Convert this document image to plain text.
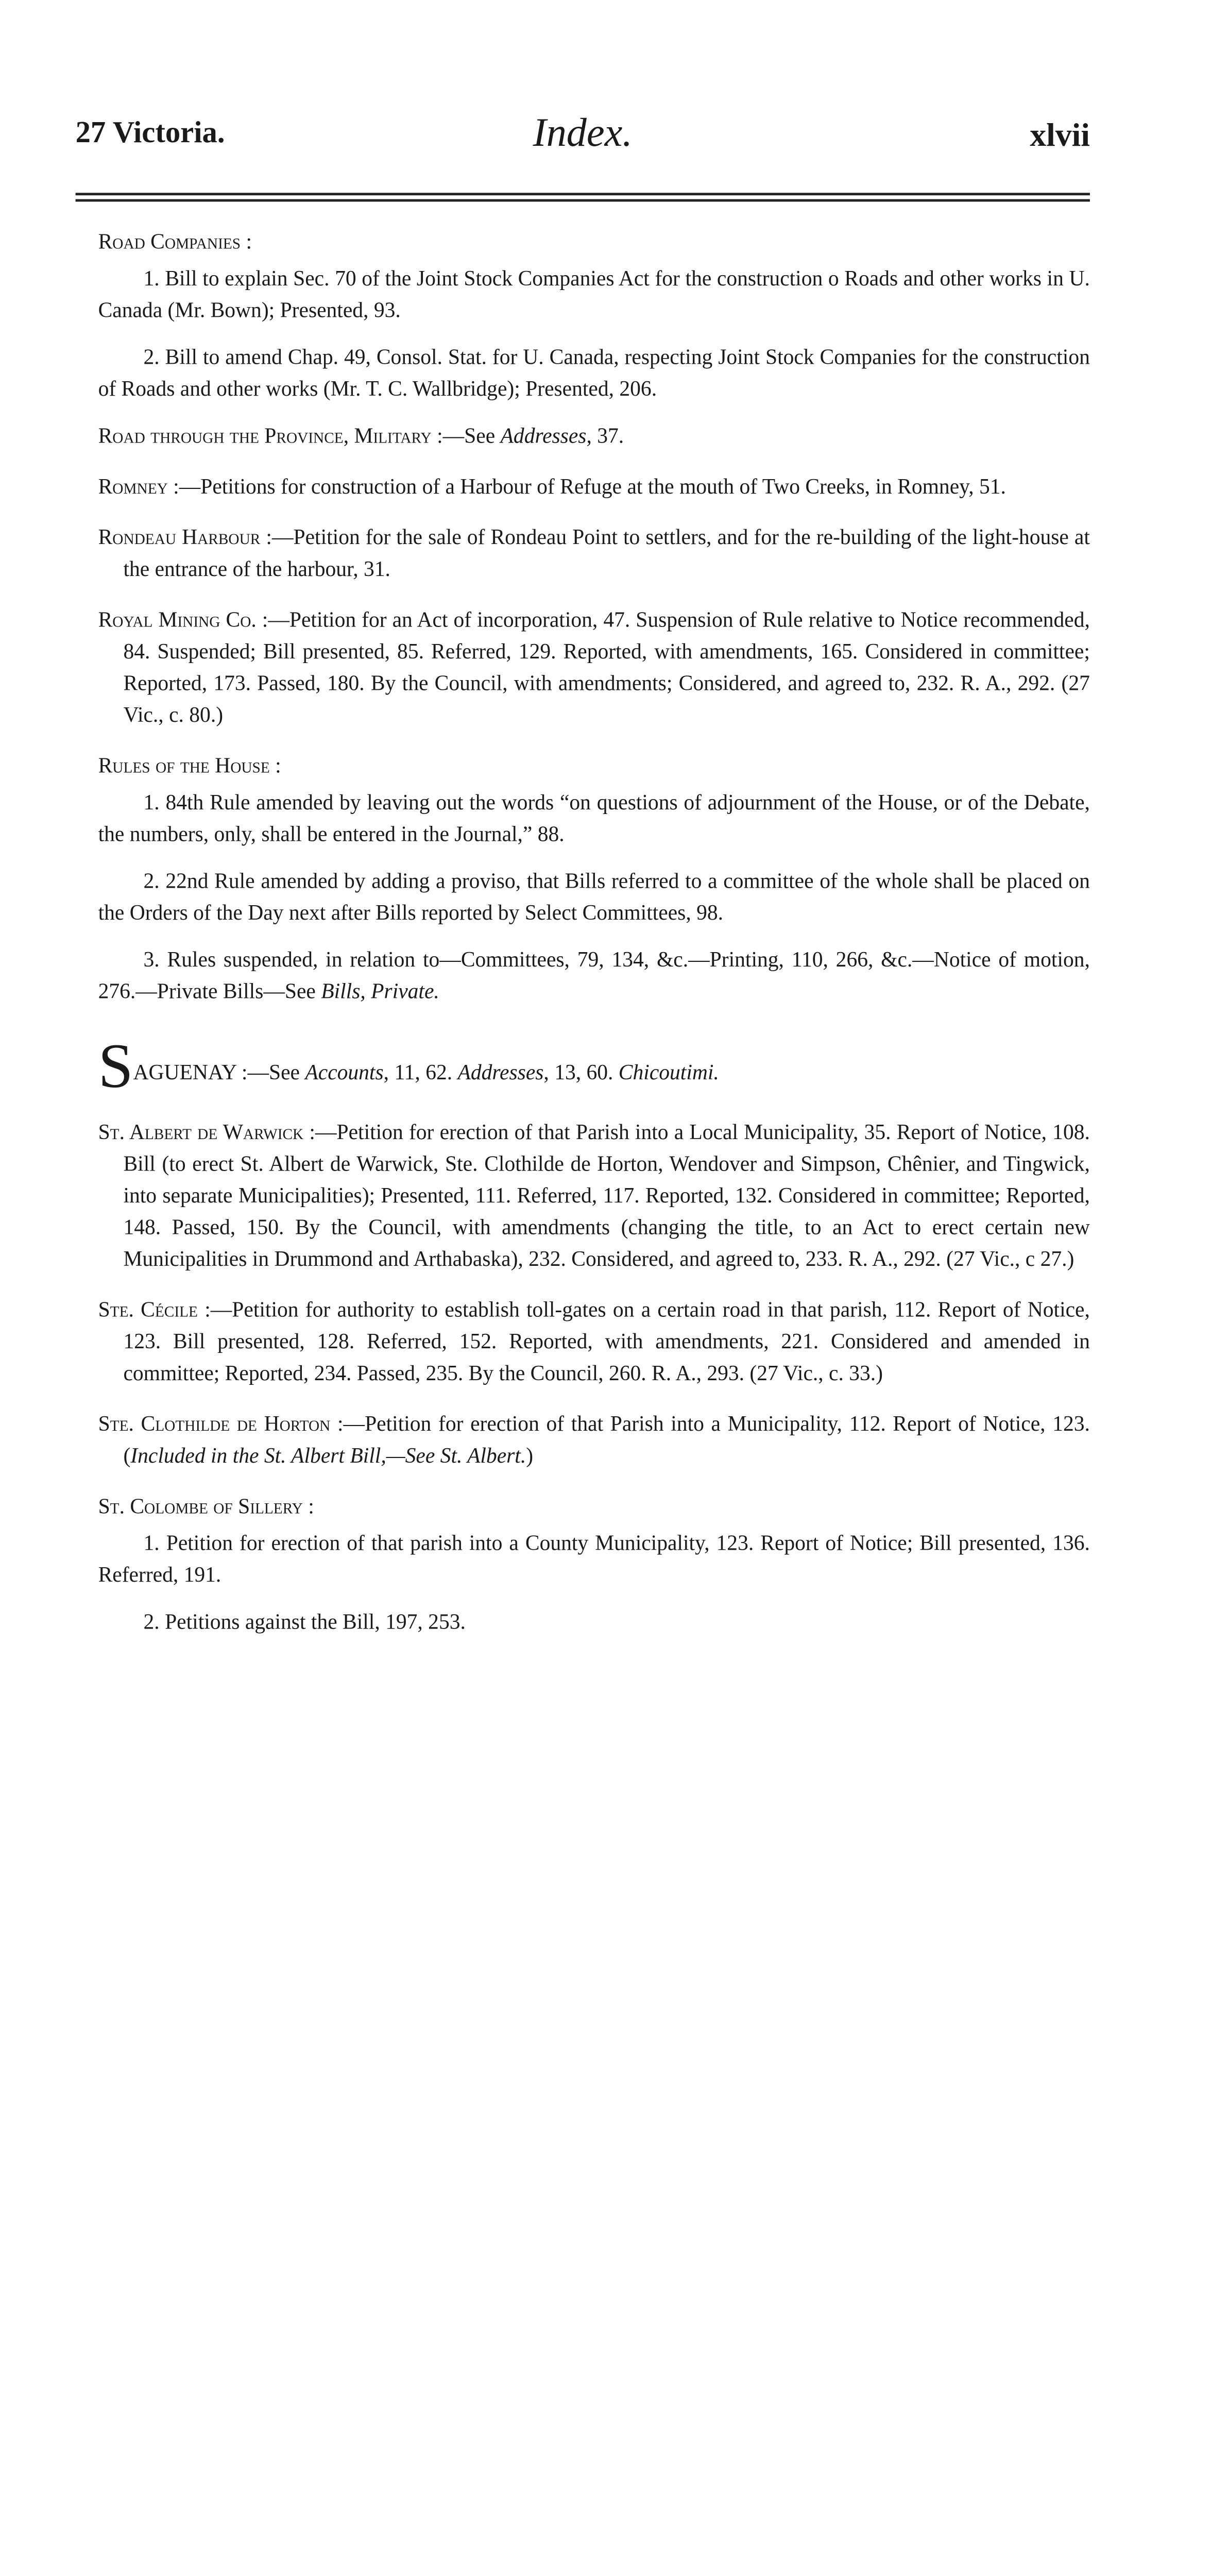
27 Victoria.	Index.	xlvii

Road Companies :

1. Bill to explain Sec. 70 of the Joint Stock Companies Act for the construction o Roads and other works in U. Canada (Mr. Bown); Presented, 93.

2. Bill to amend Chap. 49, Consol. Stat. for U. Canada, respecting Joint Stock Companies for the construction of Roads and other works (Mr. T. C. Wallbridge); Presented, 206.

Road through the Province, Military :—See Addresses, 37.

Romney :—Petitions for construction of a Harbour of Refuge at the mouth of Two Creeks, in Romney, 51.

Rondeau Harbour :—Petition for the sale of Rondeau Point to settlers, and for the re-building of the light-house at the entrance of the harbour, 31.

Royal Mining Co. :—Petition for an Act of incorporation, 47. Suspension of Rule relative to Notice recommended, 84. Suspended; Bill presented, 85. Referred, 129. Reported, with amendments, 165. Considered in committee; Reported, 173. Passed, 180. By the Council, with amendments; Considered, and agreed to, 232. R. A., 292. (27 Vic., c. 80.)

Rules of the House :

1. 84th Rule amended by leaving out the words “on questions of adjournment of the House, or of the Debate, the numbers, only, shall be entered in the Journal,” 88.

2. 22nd Rule amended by adding a proviso, that Bills referred to a committee of the whole shall be placed on the Orders of the Day next after Bills reported by Select Committees, 98.

3. Rules suspended, in relation to—Committees, 79, 134, &c.—Printing, 110, 266, &c.—Notice of motion, 276.—Private Bills—See Bills, Private.

SAGUENAY :—See Accounts, 11, 62. Addresses, 13, 60. Chicoutimi.

St. Albert de Warwick :—Petition for erection of that Parish into a Local Municipality, 35. Report of Notice, 108. Bill (to erect St. Albert de Warwick, Ste. Clothilde de Horton, Wendover and Simpson, Chênier, and Tingwick, into separate Municipalities); Presented, 111. Referred, 117. Reported, 132. Considered in committee; Reported, 148. Passed, 150. By the Council, with amendments (changing the title, to an Act to erect certain new Municipalities in Drummond and Arthabaska), 232. Considered, and agreed to, 233. R. A., 292. (27 Vic., c 27.)

Ste. Cécile :—Petition for authority to establish toll-gates on a certain road in that parish, 112. Report of Notice, 123. Bill presented, 128. Referred, 152. Reported, with amendments, 221. Considered and amended in committee; Reported, 234. Passed, 235. By the Council, 260. R. A., 293. (27 Vic., c. 33.)

Ste. Clothilde de Horton :—Petition for erection of that Parish into a Municipality, 112. Report of Notice, 123. (Included in the St. Albert Bill,—See St. Albert.)

St. Colombe of Sillery :

1. Petition for erection of that parish into a County Municipality, 123. Report of Notice; Bill presented, 136. Referred, 191.

2. Petitions against the Bill, 197, 253.
